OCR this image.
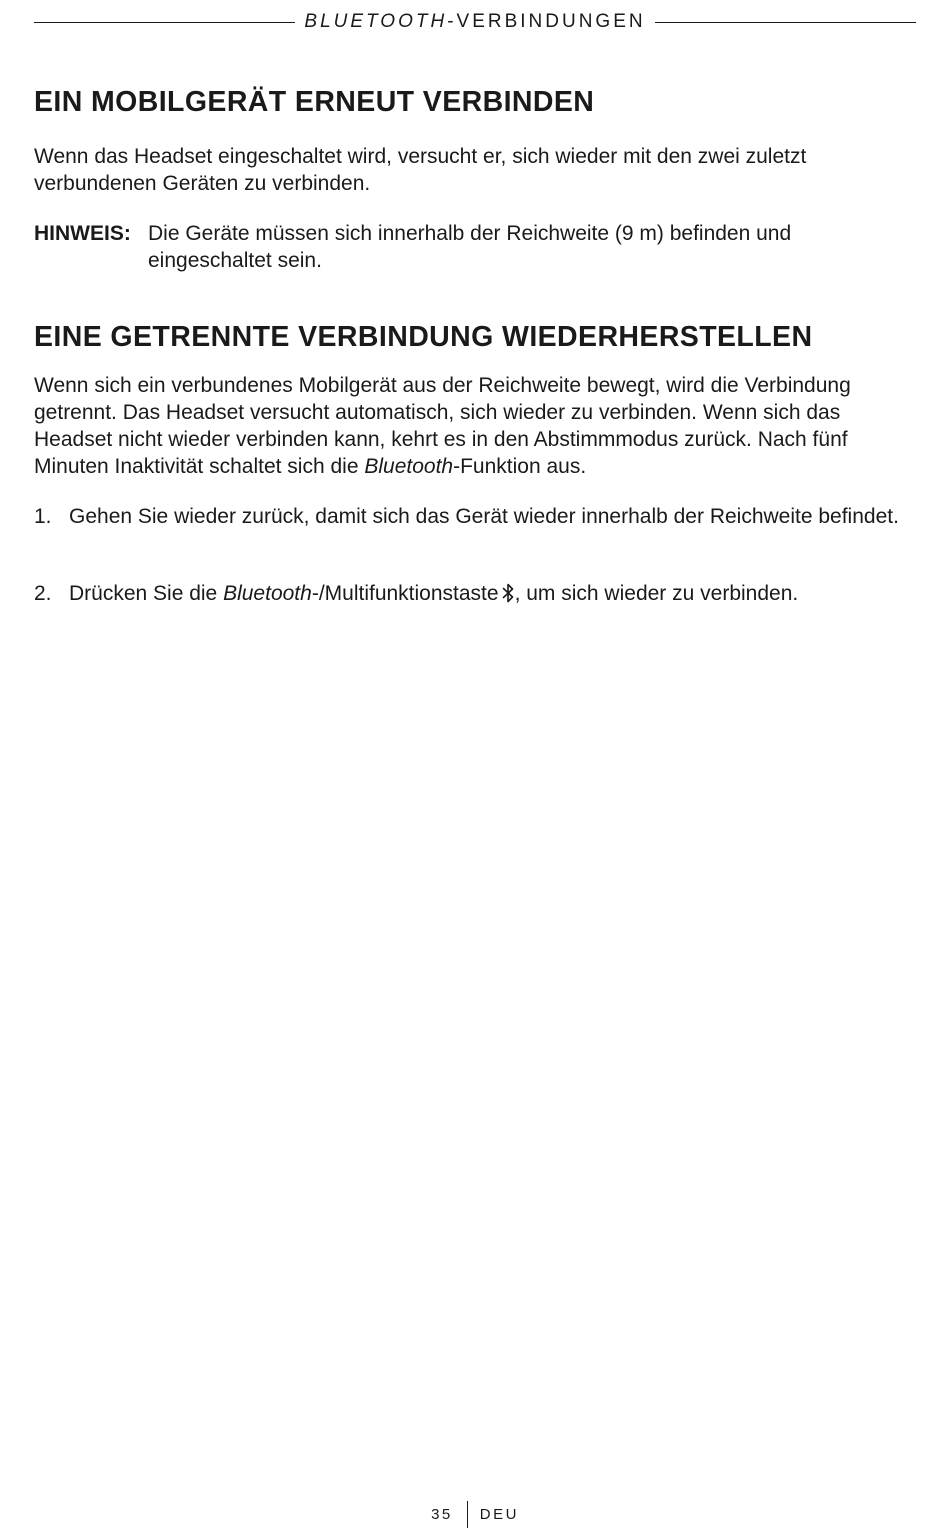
BLUETOOTH-VERBINDUNGEN
EIN MOBILGERÄT ERNEUT VERBINDEN

Wenn das Headset eingeschaltet wird, versucht er, sich wieder mit den zwei zuletzt verbundenen Geräten zu verbinden.

HINWEIS: Die Geräte müssen sich innerhalb der Reichweite (9 m) befinden und eingeschaltet sein.
EINE GETRENNTE VERBINDUNG WIEDERHERSTELLEN

Wenn sich ein verbundenes Mobilgerät aus der Reichweite bewegt, wird die Verbindung getrennt. Das Headset versucht automatisch, sich wieder zu verbinden. Wenn sich das Headset nicht wieder verbinden kann, kehrt es in den Abstimmmodus zurück. Nach fünf Minuten Inaktivität schaltet sich die Bluetooth-Funktion aus.

1. Gehen Sie wieder zurück, damit sich das Gerät wieder innerhalb der Reichweite befindet.
2. Drücken Sie die Bluetooth-/Multifunktionstaste , um sich wieder zu verbinden.
35 DEU
